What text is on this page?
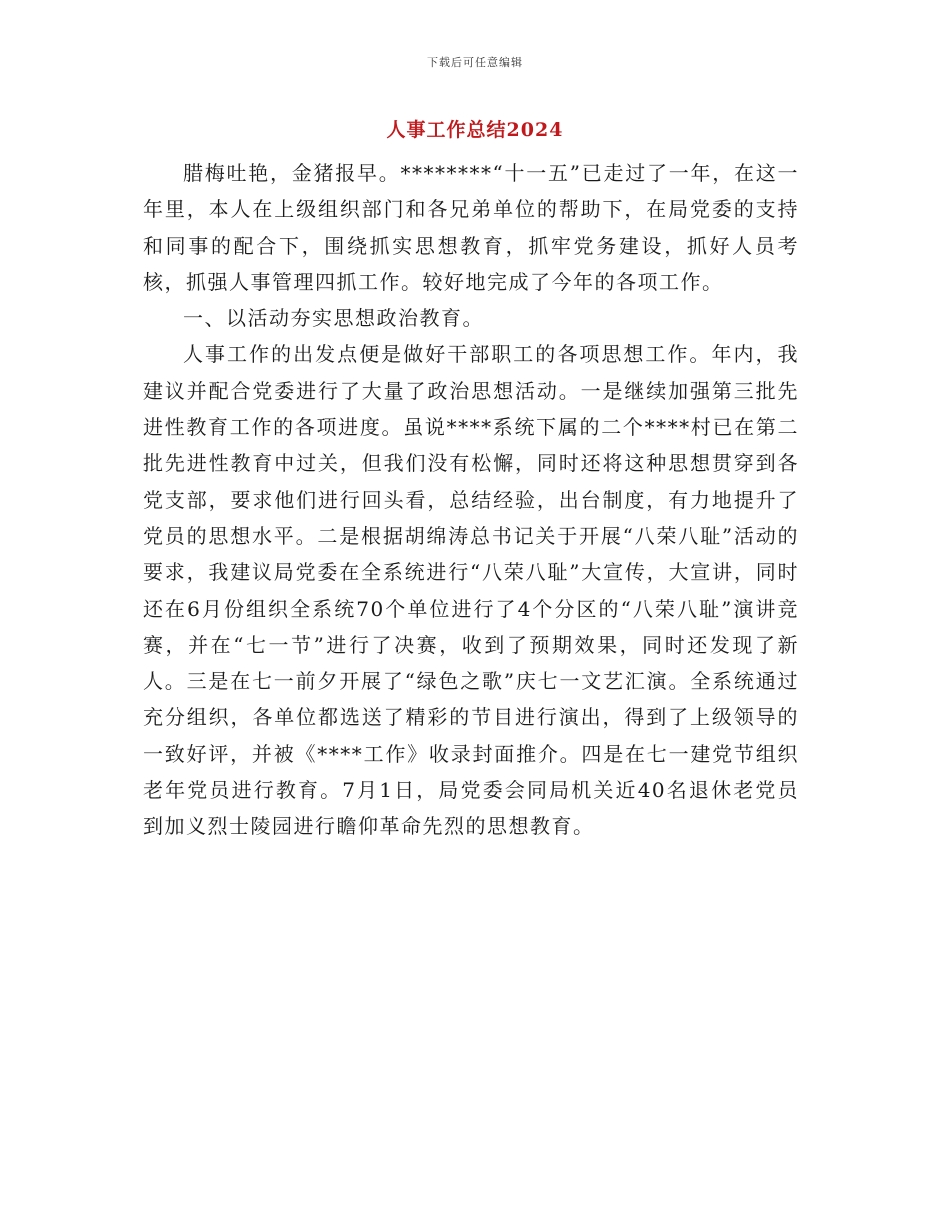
下载后可任意编辑
人事工作总结2024

腊梅吐艳，金猪报早。********“十一五”已走过了一年，在这一年里，本人在上级组织部门和各兄弟单位的帮助下，在局党委的支持和同事的配合下，围绕抓实思想教育，抓牢党务建设，抓好人员考核，抓强人事管理四抓工作。较好地完成了今年的各项工作。

一、以活动夯实思想政治教育。

人事工作的出发点便是做好干部职工的各项思想工作。年内，我建议并配合党委进行了大量了政治思想活动。一是继续加强第三批先进性教育工作的各项进度。虽说****系统下属的二个****村已在第二批先进性教育中过关，但我们没有松懈，同时还将这种思想贯穿到各党支部，要求他们进行回头看，总结经验，出台制度，有力地提升了党员的思想水平。二是根据胡绵涛总书记关于开展“八荣八耻”活动的要求，我建议局党委在全系统进行“八荣八耻”大宣传，大宣讲，同时还在6月份组织全系统70个单位进行了4个分区的“八荣八耻”演讲竞赛，并在“七一节”进行了决赛，收到了预期效果，同时还发现了新人。三是在七一前夕开展了“绿色之歌”庆七一文艺汇演。全系统通过充分组织，各单位都选送了精彩的节目进行演出，得到了上级领导的一致好评，并被《****工作》收录封面推介。四是在七一建党节组织老年党员进行教育。7月1日，局党委会同局机关近40名退休老党员到加义烈士陵园进行瞻仰革命先烈的思想教育。
